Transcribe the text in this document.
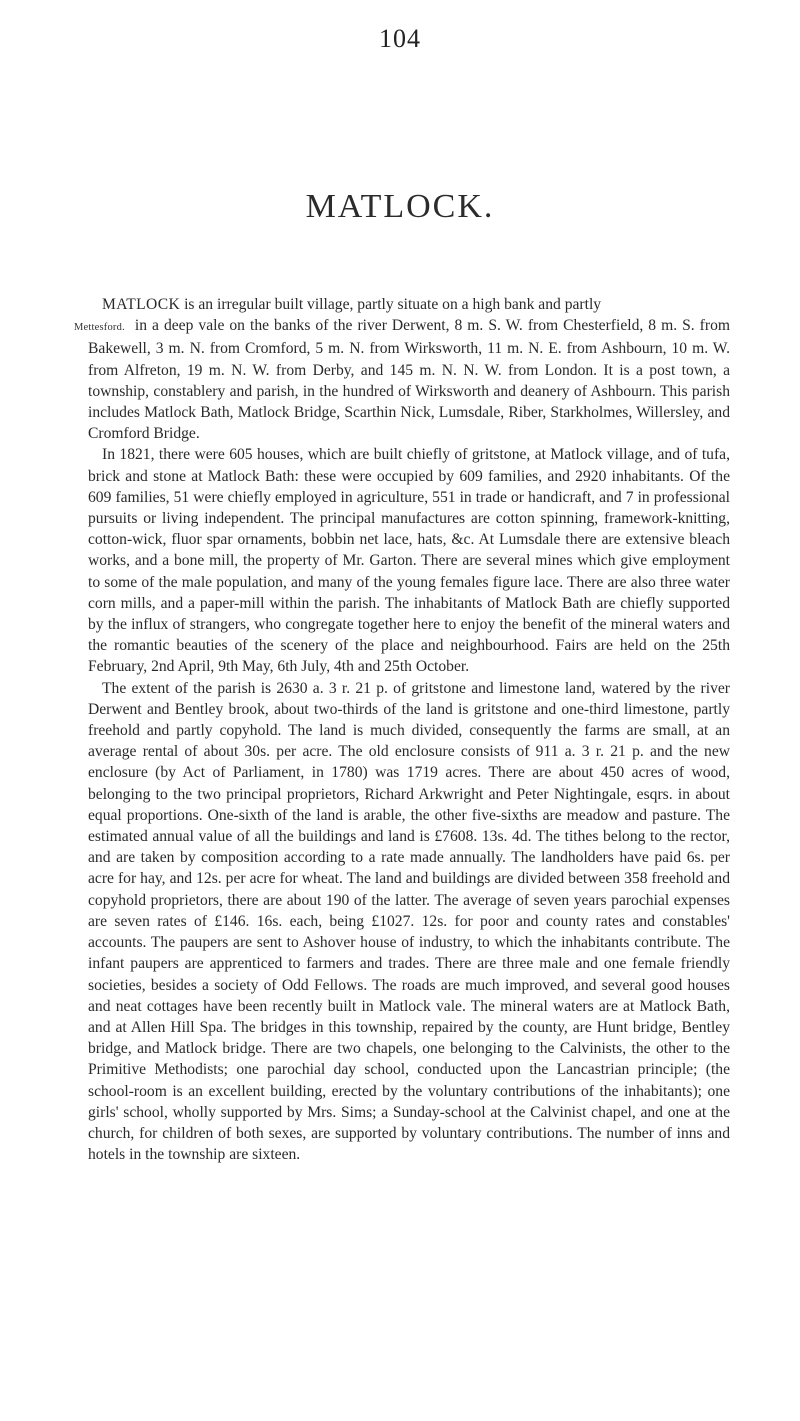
104
MATLOCK.

MATLOCK is an irregular built village, partly situate on a high bank and partly
Mettesford. in a deep vale on the banks of the river Derwent, 8 m. S. W. from Chesterfield, 8 m. S. from Bakewell, 3 m. N. from Cromford, 5 m. N. from Wirksworth, 11 m. N. E. from Ashbourn, 10 m. W. from Alfreton, 19 m. N. W. from Derby, and 145 m. N. N. W. from London. It is a post town, a township, constablery and parish, in the hundred of Wirksworth and deanery of Ashbourn. This parish includes Matlock Bath, Matlock Bridge, Scarthin Nick, Lumsdale, Riber, Starkholmes, Willersley, and Cromford Bridge.

In 1821, there were 605 houses, which are built chiefly of gritstone, at Matlock village, and of tufa, brick and stone at Matlock Bath: these were occupied by 609 families, and 2920 inhabitants. Of the 609 families, 51 were chiefly employed in agriculture, 551 in trade or handicraft, and 7 in professional pursuits or living independent. The principal manufactures are cotton spinning, framework-knitting, cotton-wick, fluor spar ornaments, bobbin net lace, hats, &c. At Lumsdale there are extensive bleach works, and a bone mill, the property of Mr. Garton. There are several mines which give employment to some of the male population, and many of the young females figure lace. There are also three water corn mills, and a paper-mill within the parish. The inhabitants of Matlock Bath are chiefly supported by the influx of strangers, who congregate together here to enjoy the benefit of the mineral waters and the romantic beauties of the scenery of the place and neighbourhood. Fairs are held on the 25th February, 2nd April, 9th May, 6th July, 4th and 25th October.

The extent of the parish is 2630 a. 3 r. 21 p. of gritstone and limestone land, watered by the river Derwent and Bentley brook, about two-thirds of the land is gritstone and one-third limestone, partly freehold and partly copyhold. The land is much divided, consequently the farms are small, at an average rental of about 30s. per acre. The old enclosure consists of 911 a. 3 r. 21 p. and the new enclosure (by Act of Parliament, in 1780) was 1719 acres. There are about 450 acres of wood, belonging to the two principal proprietors, Richard Arkwright and Peter Nightingale, esqrs. in about equal proportions. One-sixth of the land is arable, the other five-sixths are meadow and pasture. The estimated annual value of all the buildings and land is £7608. 13s. 4d. The tithes belong to the rector, and are taken by composition according to a rate made annually. The landholders have paid 6s. per acre for hay, and 12s. per acre for wheat. The land and buildings are divided between 358 freehold and copyhold proprietors, there are about 190 of the latter. The average of seven years parochial expenses are seven rates of £146. 16s. each, being £1027. 12s. for poor and county rates and constables' accounts. The paupers are sent to Ashover house of industry, to which the inhabitants contribute. The infant paupers are apprenticed to farmers and trades. There are three male and one female friendly societies, besides a society of Odd Fellows. The roads are much improved, and several good houses and neat cottages have been recently built in Matlock vale. The mineral waters are at Matlock Bath, and at Allen Hill Spa. The bridges in this township, repaired by the county, are Hunt bridge, Bentley bridge, and Matlock bridge. There are two chapels, one belonging to the Calvinists, the other to the Primitive Methodists; one parochial day school, conducted upon the Lancastrian principle; (the school-room is an excellent building, erected by the voluntary contributions of the inhabitants); one girls' school, wholly supported by Mrs. Sims; a Sunday-school at the Calvinist chapel, and one at the church, for children of both sexes, are supported by voluntary contributions. The number of inns and hotels in the township are sixteen.
